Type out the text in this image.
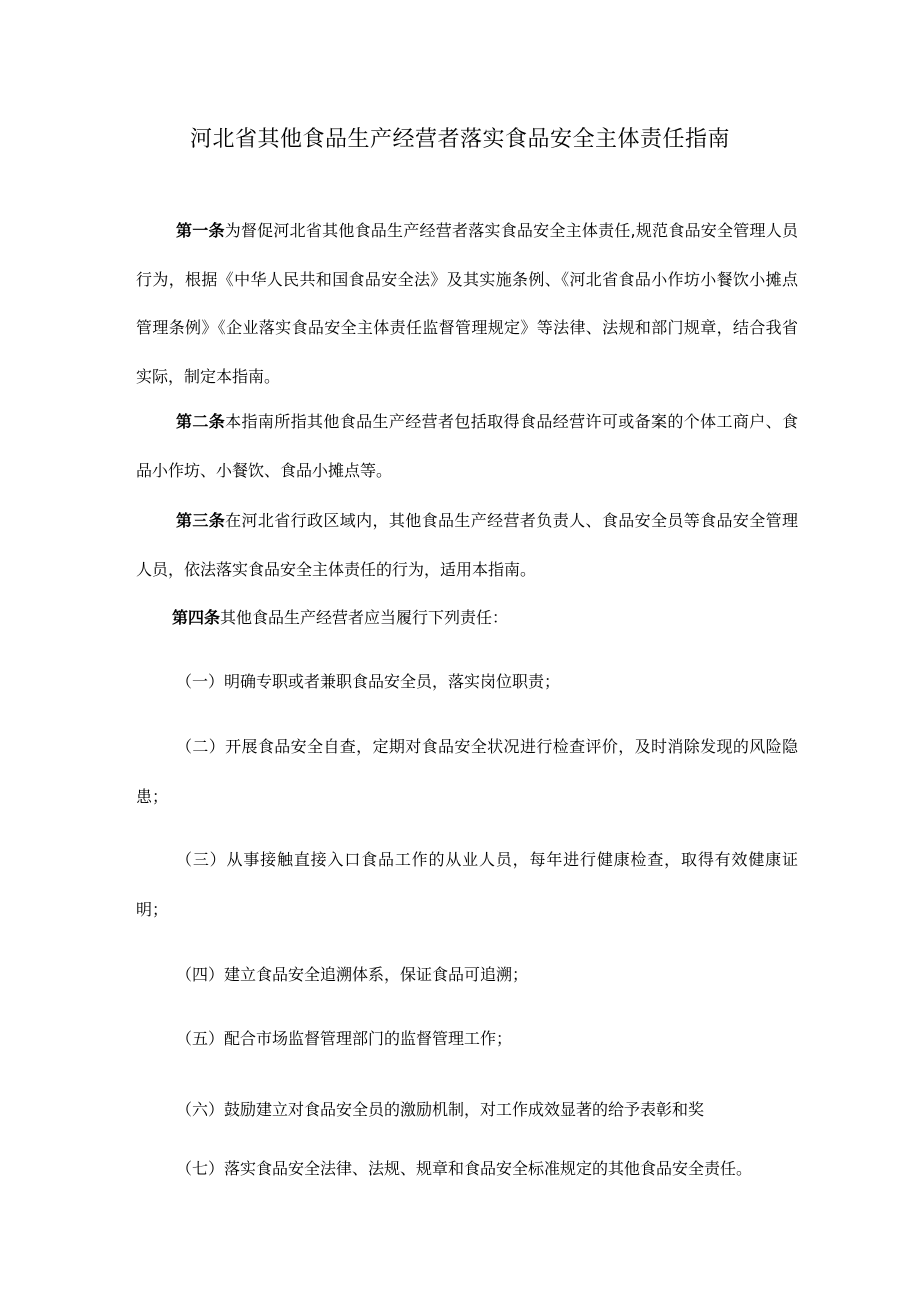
河北省其他食品生产经营者落实食品安全主体责任指南

第一条为督促河北省其他食品生产经营者落实食品安全主体责任,规范食品安全管理人员行为，根据《中华人民共和国食品安全法》及其实施条例、《河北省食品小作坊小餐饮小摊点管理条例》《企业落实食品安全主体责任监督管理规定》等法律、法规和部门规章，结合我省实际，制定本指南。

第二条本指南所指其他食品生产经营者包括取得食品经营许可或备案的个体工商户、食品小作坊、小餐饮、食品小摊点等。

第三条在河北省行政区域内，其他食品生产经营者负责人、食品安全员等食品安全管理人员，依法落实食品安全主体责任的行为，适用本指南。

第四条其他食品生产经营者应当履行下列责任：

（一）明确专职或者兼职食品安全员，落实岗位职责；

（二）开展食品安全自查，定期对食品安全状况进行检查评价，及时消除发现的风险隐患；

（三）从事接触直接入口食品工作的从业人员，每年进行健康检查，取得有效健康证明；

（四）建立食品安全追溯体系，保证食品可追溯；

（五）配合市场监督管理部门的监督管理工作；

（六）鼓励建立对食品安全员的激励机制，对工作成效显著的给予表彰和奖

（七）落实食品安全法律、法规、规章和食品安全标准规定的其他食品安全责任。
